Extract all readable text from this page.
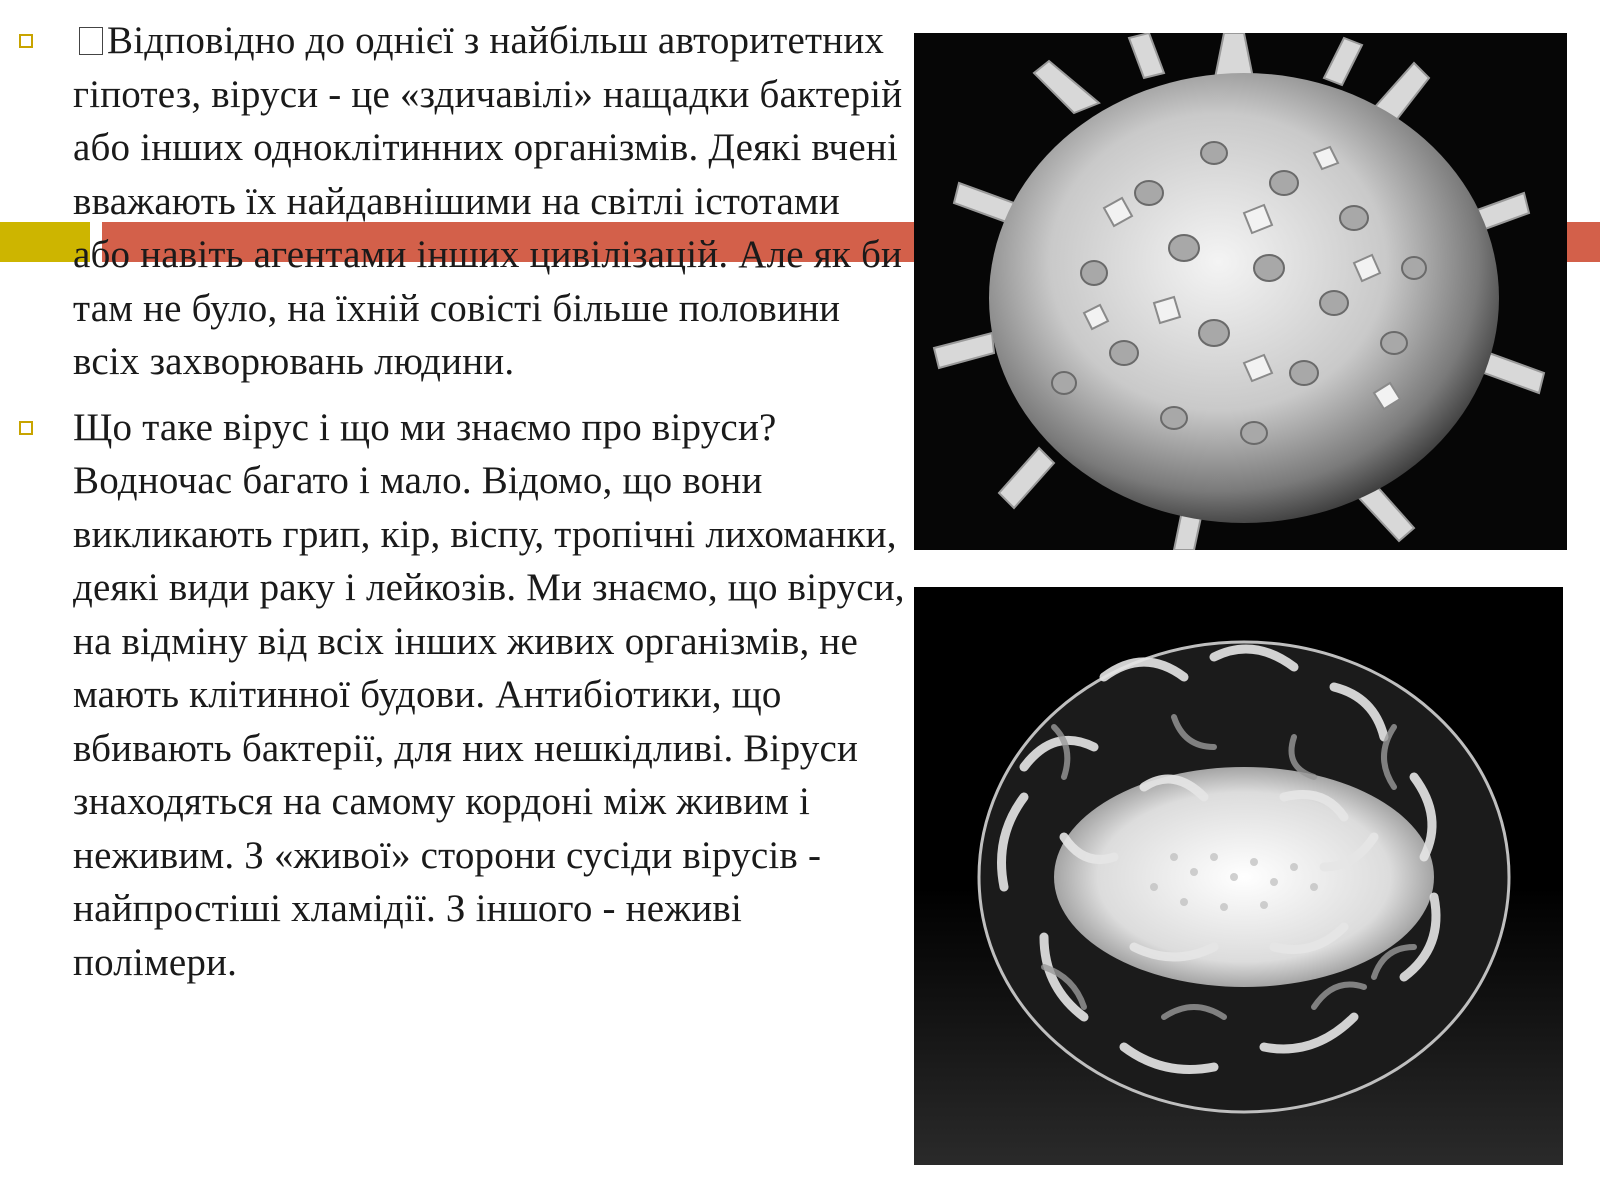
Відповідно до однієї з найбільш авторитетних гіпотез, віруси - це «здичавілі» нащадки бактерій або інших одноклітинних організмів. Деякі вчені вважають їх найдавнішими на світлі істотами або навіть агентами інших цивілізацій. Але як би там не було, на їхній совісті більше половини всіх захворювань людини.
Що таке вірус і що ми знаємо про віруси? Водночас багато і мало. Відомо, що вони викликають грип, кір, віспу, тропічні лихоманки, деякі види раку і лейкозів. Ми знаємо, що віруси, на відміну від всіх інших живих організмів, не мають клітинної будови. Антибіотики, що вбивають бактерії, для них нешкідливі. Віруси знаходяться на самому кордоні між живим і неживим. З «живої» сторони сусіди вірусів - найпростіші хламідії. З іншого - неживі полімери.
